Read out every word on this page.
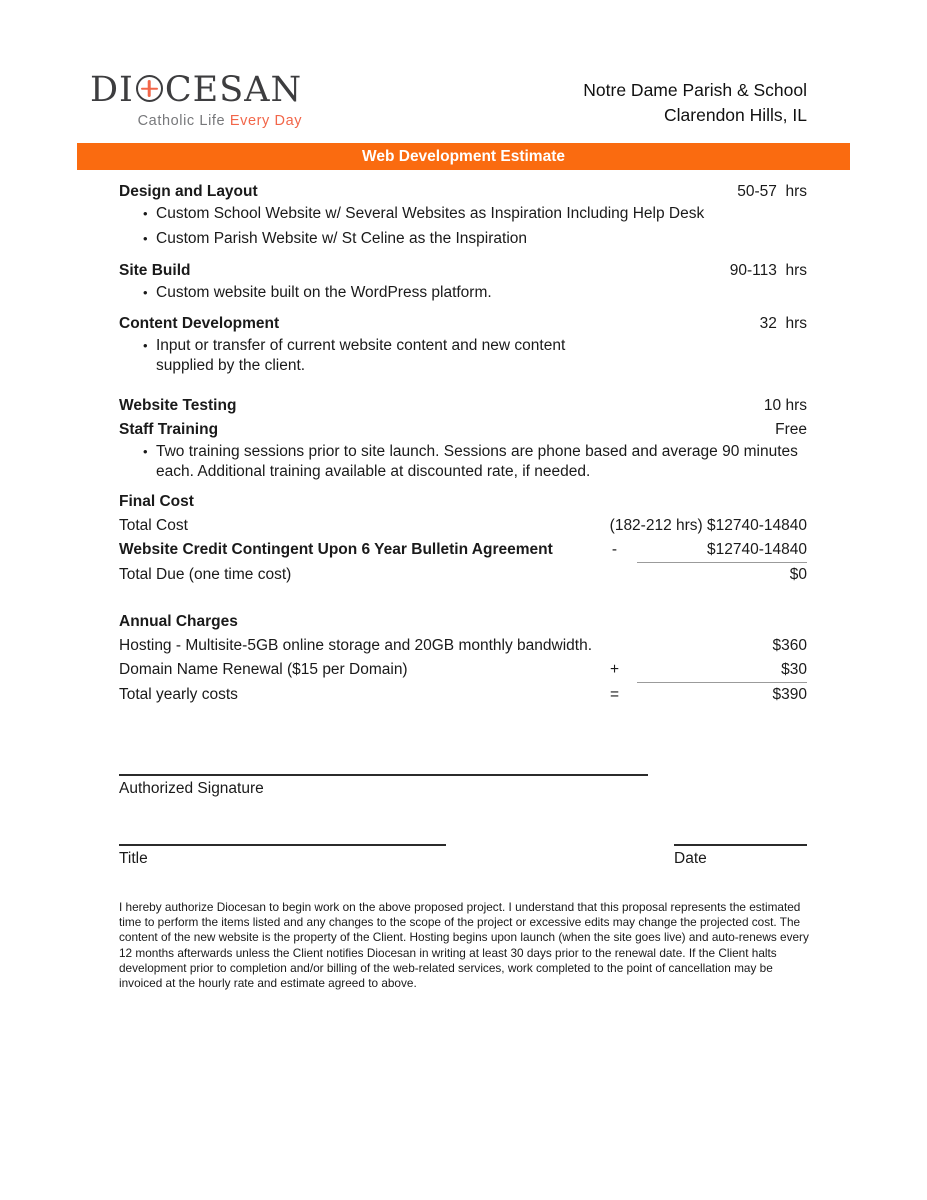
DI CESAN
Catholic Life Every Day
Notre Dame Parish & School
Clarendon Hills, IL
Web Development Estimate
Design and Layout	50-57  hrs
• Custom School Website w/ Several Websites as Inspiration Including Help Desk
• Custom Parish Website w/ St Celine as the Inspiration
Site Build	90-113  hrs
• Custom website built on the WordPress platform.
Content Development	32  hrs
• Input or transfer of current website content and new content supplied by the client.
Website Testing	10 hrs
Staff Training	Free
• Two training sessions prior to site launch. Sessions are phone based and average 90 minutes each. Additional training available at discounted rate, if needed.
Final Cost
Total Cost	(182-212 hrs) $12740-14840
Website Credit Contingent Upon 6 Year Bulletin Agreement	-	$12740-14840
Total Due (one time cost)	$0
Annual Charges
Hosting - Multisite-5GB online storage and 20GB monthly bandwidth.	$360
Domain Name Renewal ($15 per Domain)	+	$30
Total yearly costs	=	$390
Authorized Signature
Title	Date
I hereby authorize Diocesan to begin work on the above proposed project. I understand that this proposal represents the estimated time to perform the items listed and any changes to the scope of the project or excessive edits may change the projected cost. The content of the new website is the property of the Client. Hosting begins upon launch (when the site goes live) and auto-renews every 12 months afterwards unless the Client notifies Diocesan in writing at least 30 days prior to the renewal date. If the Client halts development prior to completion and/or billing of the web-related services, work completed to the point of cancellation may be invoiced at the hourly rate and estimate agreed to above.
